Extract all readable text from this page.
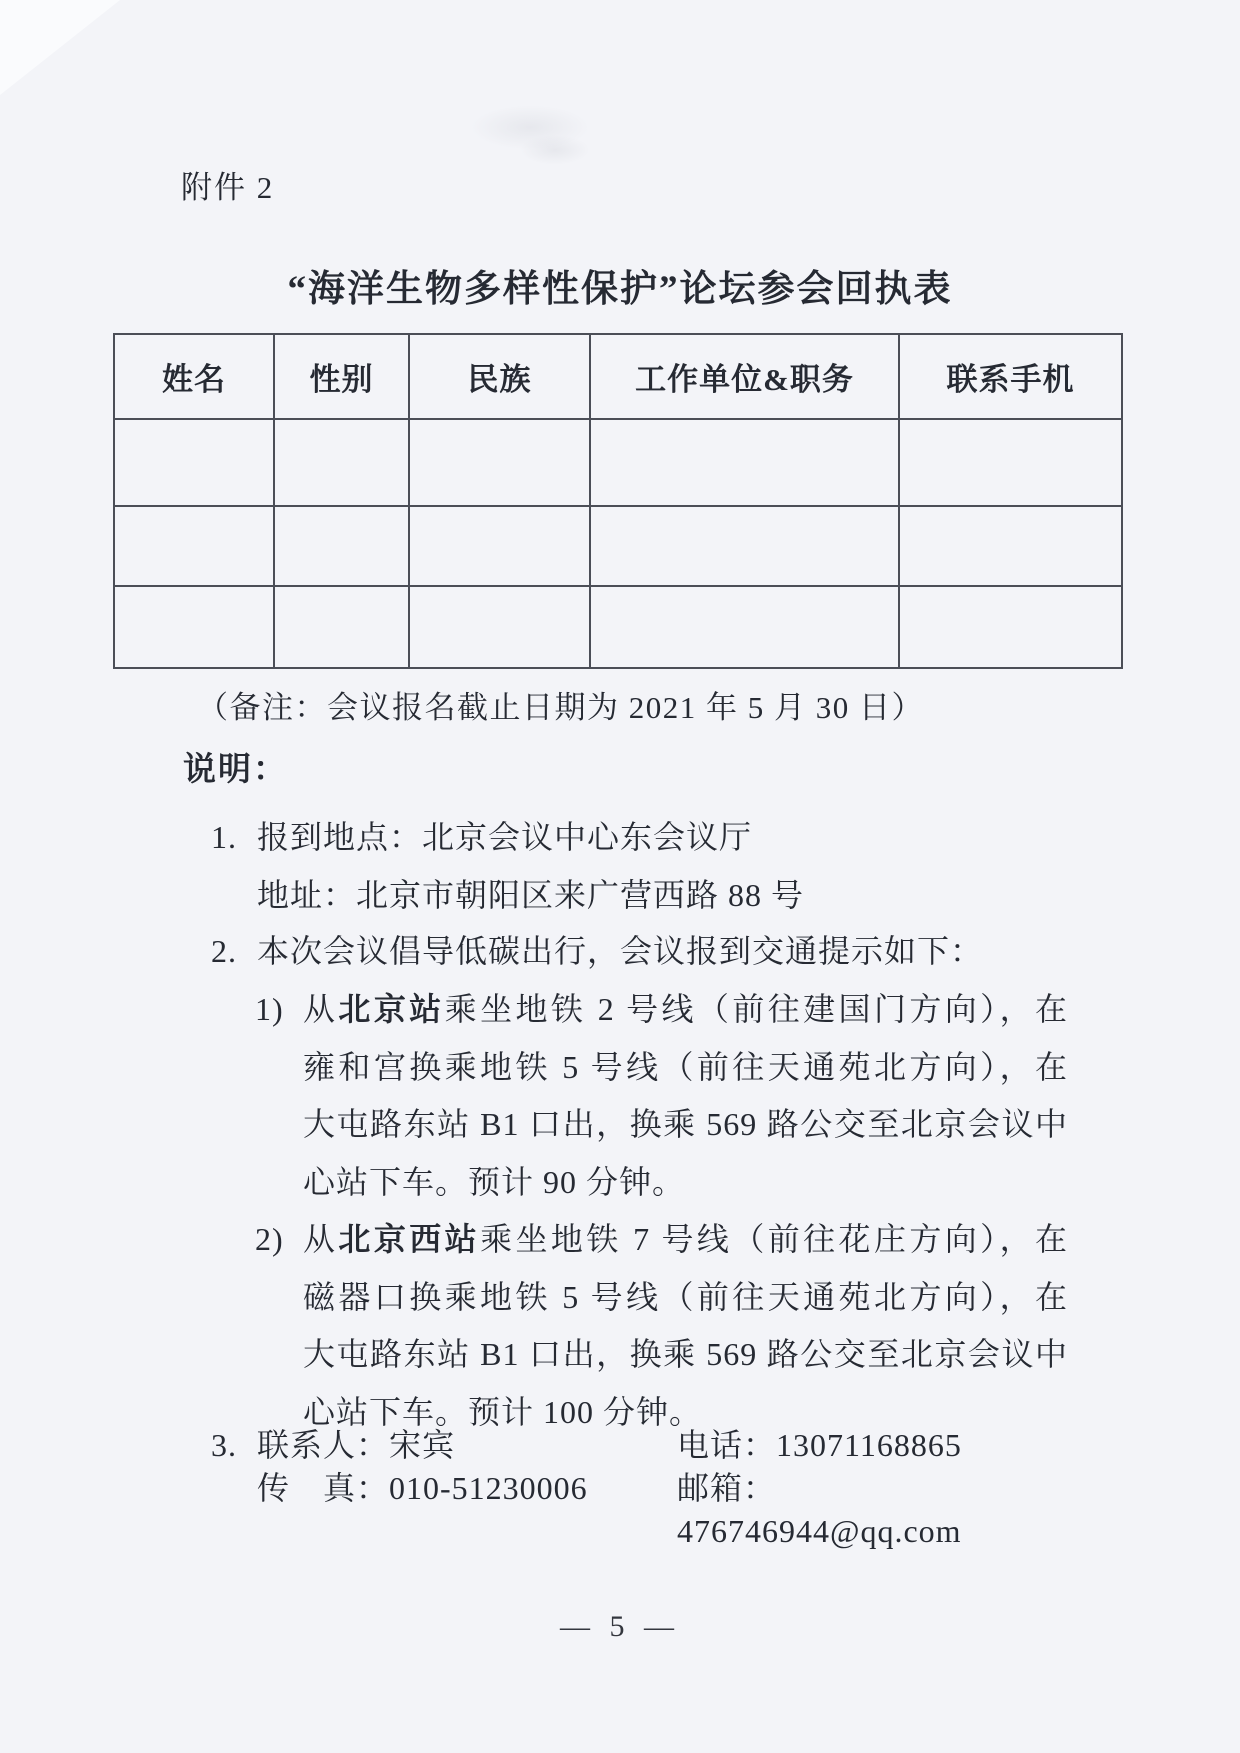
附件 2
“海洋生物多样性保护”论坛参会回执表
姓名	性别	民族	工作单位&职务	联系手机

（备注：会议报名截止日期为 2021 年 5 月 30 日）
说明：
1. 报到地点：北京会议中心东会议厅
地址：北京市朝阳区来广营西路 88 号
2. 本次会议倡导低碳出行，会议报到交通提示如下：
1) 从北京站乘坐地铁 2 号线（前往建国门方向），在
雍和宫换乘地铁 5 号线（前往天通苑北方向），在
大屯路东站 B1 口出，换乘 569 路公交至北京会议中
心站下车。预计 90 分钟。
2) 从北京西站乘坐地铁 7 号线（前往花庄方向），在
磁器口换乘地铁 5 号线（前往天通苑北方向），在
大屯路东站 B1 口出，换乘 569 路公交至北京会议中
心站下车。预计 100 分钟。
3. 联系人：宋宾	电话：13071168865
传　真：010-51230006	邮箱：476746944@qq.com
— 5 —
